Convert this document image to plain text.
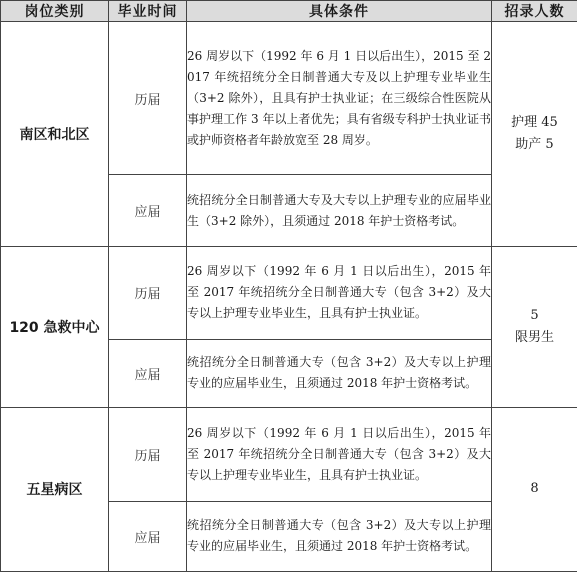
岗位类别	毕业时间	具体条件	招录人数
南区和北区	历届	26 周岁以下（1992 年 6 月 1 日以后出生），2015 至 2017 年统招统分全日制普通大专及以上护理专业毕业生（3+2 除外），且具有护士执业证；在三级综合性医院从事护理工作 3 年以上者优先；具有省级专科护士执业证书或护师资格者年龄放宽至 28 周岁。	护理 45
助产 5

	应届	统招统分全日制普通大专及大专以上护理专业的应届毕业生（3+2 除外），且须通过 2018 年护士资格考试。	
120 急救中心	历届	26 周岁以下（1992 年 6 月 1 日以后出生），2015 年至 2017 年统招统分全日制普通大专（包含 3+2）及大专以上护理专业毕业生，且具有护士执业证。	5
限男生

	应届	统招统分全日制普通大专（包含 3+2）及大专以上护理专业的应届毕业生，且须通过 2018 年护士资格考试。	
五星病区	历届	26 周岁以下（1992 年 6 月 1 日以后出生），2015 年至 2017 年统招统分全日制普通大专（包含 3+2）及大专以上护理专业毕业生，且具有护士执业证。	8

	应届	统招统分全日制普通大专（包含 3+2）及大专以上护理专业的应届毕业生，且须通过 2018 年护士资格考试。	
